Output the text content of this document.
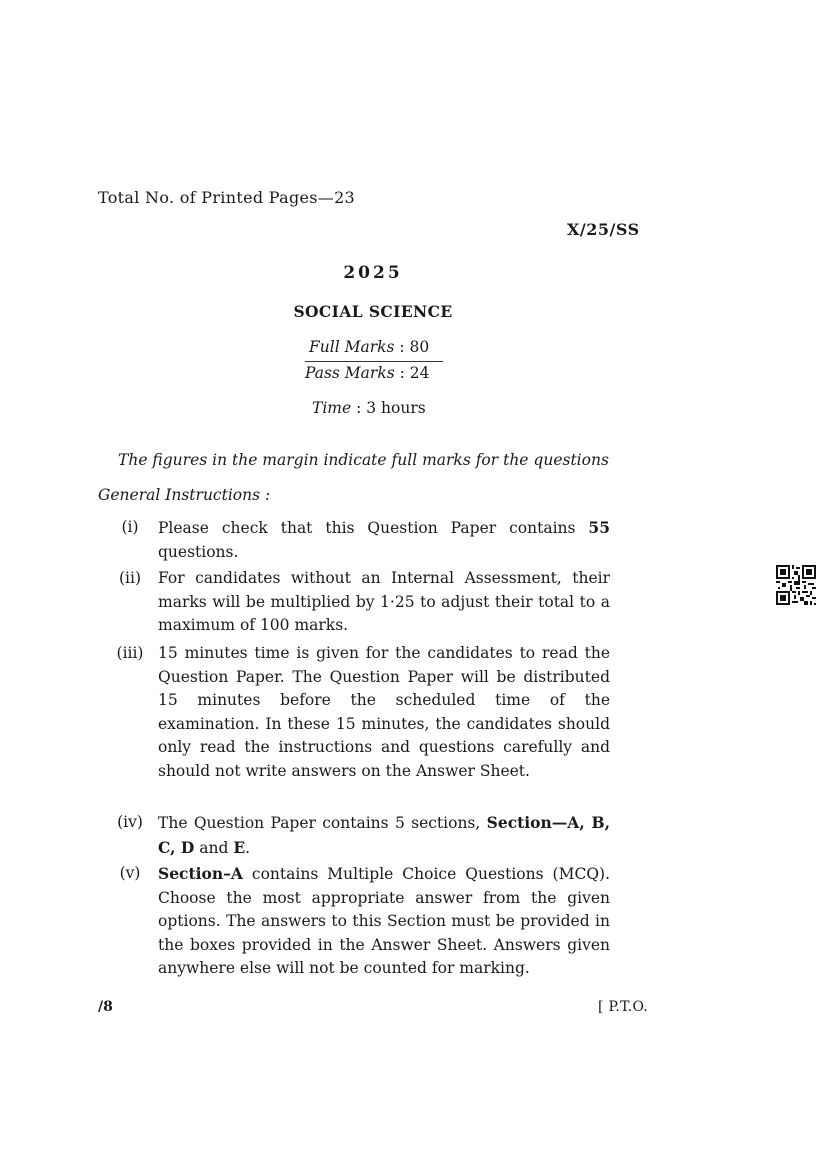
Total No. of Printed Pages—23
X/25/SS
2025
SOCIAL SCIENCE
Full Marks : 80
Pass Marks : 24
Time : 3 hours
The figures in the margin indicate full marks for the questions
General Instructions :
(i)	Please check that this Question Paper contains 55 questions.
(ii)	For candidates without an Internal Assessment, their marks will be multiplied by 1·25 to adjust their total to a maximum of 100 marks.
(iii) 15 minutes time is given for the candidates to read the Question Paper. The Question Paper will be distributed 15 minutes before the scheduled time of the examination. In these 15 minutes, the candidates should only read the instructions and questions carefully and should not write answers on the Answer Sheet.
(iv) The Question Paper contains 5 sections, Section—A, B, C, D and E.
(v)	Section–A contains Multiple Choice Questions (MCQ). Choose the most appropriate answer from the given options. The answers to this Section must be provided in the boxes provided in the Answer Sheet. Answers given anywhere else will not be counted for marking.
/8	[ P.T.O.
